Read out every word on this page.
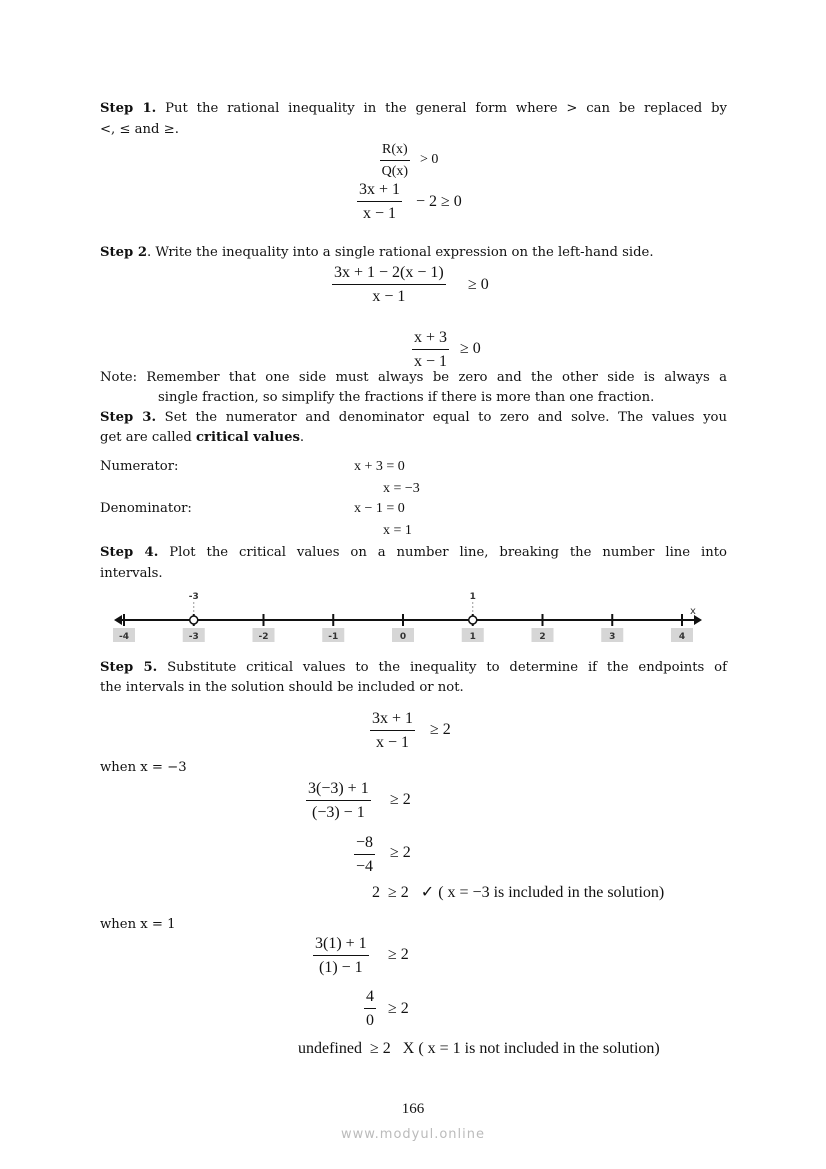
Step 1. Put the rational inequality in the general form where > can be replaced by
<, ≤ and ≥.
$\frac{R(x)}{Q(x)} > 0$
$\frac{3x + 1}{x - 1} - 2 \ge 0$
Step 2. Write the inequality into a single rational expression on the left-hand side.
$\frac{3x + 1 - 2(x - 1)}{x - 1} \ge 0$
$\frac{x + 3}{x - 1} \ge 0$
Note: Remember that one side must always be zero and the other side is always a
single fraction, so simplify the fractions if there is more than one fraction.
Step 3. Set the numerator and denominator equal to zero and solve. The values you
get are called critical values.
Numerator:	x + 3 = 0
x = −3
Denominator:	x − 1 = 0
x = 1
Step 4. Plot the critical values on a number line, breaking the number line into
intervals.
x
-4	-3	-2	-1	0	1	2	3	4
-3	1
Step 5. Substitute critical values to the inequality to determine if the endpoints of
the intervals in the solution should be included or not.
$\frac{3x + 1}{x - 1} \ge 2$
when x = −3
$\frac{3(-3) + 1}{(-3) - 1} \ge 2$
$\frac{-8}{-4} \ge 2$
2  ≥ 2   ✓ ( x = −3 is included in the solution)
when x = 1
$\frac{3(1) + 1}{(1) - 1} \ge 2$
$\frac{4}{0} \ge 2$
undefined  ≥ 2   X ( x = 1 is not included in the solution)
166
www.modyul.online
